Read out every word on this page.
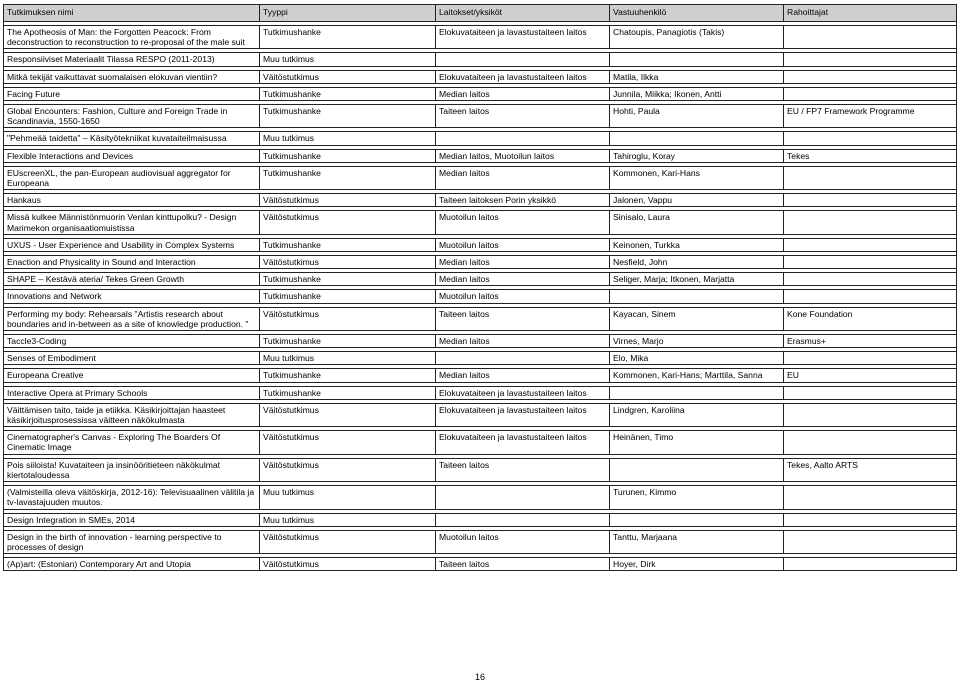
Tutkimuksen nimi	Tyyppi	Laitokset/yksiköt	Vastuuhenkilö	Rahoittajat

The Apotheosis of Man: the Forgotten Peacock: From deconstruction to reconstruction to re-proposal of the male suit	Tutkimushanke	Elokuvataiteen ja lavastustaiteen laitos	Chatoupis, Panagiotis (Takis)	

Responsiiviset Materiaalit Tilassa RESPO (2011-2013)	Muu tutkimus			

Mitkä tekijät vaikuttavat suomalaisen elokuvan vientiin?	Väitöstutkimus	Elokuvataiteen ja lavastustaiteen laitos	Matila, Ilkka	

Facing Future	Tutkimushanke	Median laitos	Junnila, Miikka; Ikonen, Antti	

Global Encounters: Fashion, Culture and Foreign Trade in Scandinavia, 1550-1650	Tutkimushanke	Taiteen laitos	Hohti, Paula	EU / FP7 Framework Programme

"Pehmeää taidetta" – Käsityötekniikat kuvataiteilmaisussa	Muu tutkimus			

Flexible Interactions and Devices	Tutkimushanke	Median laitos, Muotoilun laitos	Tahiroglu, Koray	Tekes

EUscreenXL, the pan-European audiovisual aggregator for Europeana	Tutkimushanke	Median laitos	Kommonen, Kari-Hans	

Hankaus	Väitöstutkimus	Taiteen laitoksen Porin yksikkö	Jalonen, Vappu	

Missä kulkee Männistönmuorin Venlan kinttupolku? - Design Marimekon organisaatiomuistissa	Väitöstutkimus	Muotoilun laitos	Sinisalo, Laura	

UXUS - User Experience and Usability in Complex Systems	Tutkimushanke	Muotoilun laitos	Keinonen, Turkka	

Enaction and Physicality in Sound and Interaction	Väitöstutkimus	Median laitos	Nesfield, John	

SHAPE – Kestävä ateria/ Tekes Green Growth	Tutkimushanke	Median laitos	Seliger, Marja; Itkonen, Marjatta	

Innovations and Network	Tutkimushanke	Muotoilun laitos		

Performing my body: Rehearsals "Artistis research about boundaries and in-between as a site of knowledge production. "	Väitöstutkimus	Taiteen laitos	Kayacan, Sinem	Kone Foundation

Taccle3-Coding	Tutkimushanke	Median laitos	Virnes, Marjo	Erasmus+

Senses of Embodiment	Muu tutkimus		Elo, Mika	

Europeana Creative	Tutkimushanke	Median laitos	Kommonen, Kari-Hans; Marttila, Sanna	EU

Interactive Opera at Primary Schools	Tutkimushanke	Elokuvataiteen ja lavastustaiteen laitos		

Väittämisen taito, taide ja etiikka. Käsikirjoittajan haasteet käsikirjoitusprosessissa väitteen näkökulmasta	Väitöstutkimus	Elokuvataiteen ja lavastustaiteen laitos	Lindgren, Karoliina	

Cinematographer's Canvas - Exploring The Boarders Of Cinematic Image	Väitöstutkimus	Elokuvataiteen ja lavastustaiteen laitos	Heinänen, Timo	

Pois siiloista! Kuvataiteen ja insinööritieteen näkökulmat kiertotaloudessa	Väitöstutkimus	Taiteen laitos		Tekes, Aalto ARTS

(Valmisteilla oleva väitöskirja, 2012-16): Televisuaalinen välitila ja tv-lavastajuuden muutos.	Muu tutkimus		Turunen, Kimmo	

Design Integration in SMEs, 2014	Muu tutkimus			

Design in the birth of innovation - learning perspective to processes of design	Väitöstutkimus	Muotoilun laitos	Tanttu, Marjaana	

(Ap)art: (Estonian) Contemporary Art and Utopia	Väitöstutkimus	Taiteen laitos	Hoyer, Dirk	
16
